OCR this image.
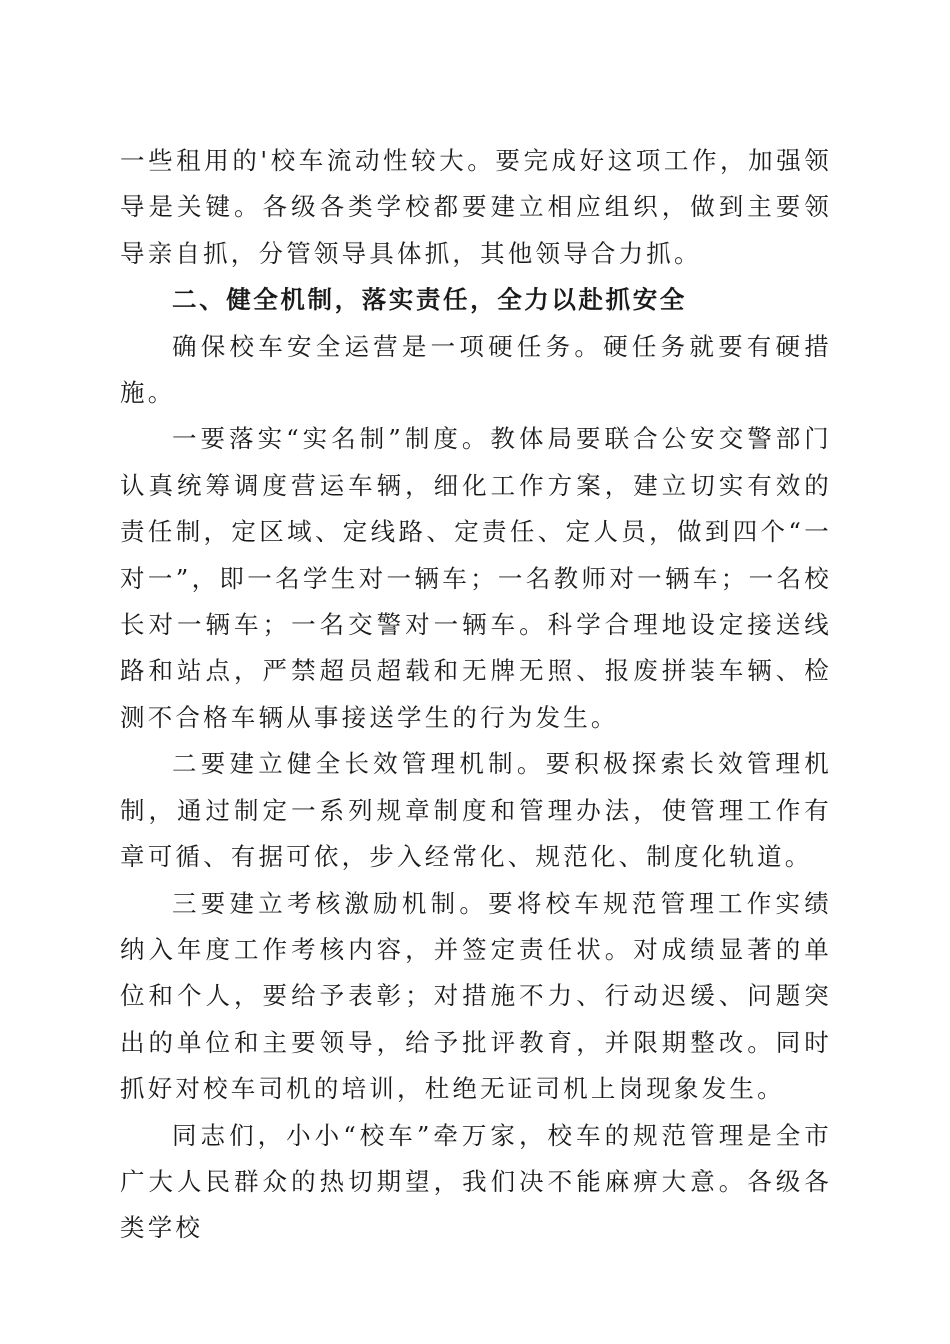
一些租用的'校车流动性较大。要完成好这项工作，加强领导是关键。各级各类学校都要建立相应组织，做到主要领导亲自抓，分管领导具体抓，其他领导合力抓。

二、健全机制，落实责任，全力以赴抓安全

确保校车安全运营是一项硬任务。硬任务就要有硬措施。

一要落实“实名制”制度。教体局要联合公安交警部门认真统筹调度营运车辆，细化工作方案，建立切实有效的责任制，定区域、定线路、定责任、定人员，做到四个“一对一”，即一名学生对一辆车；一名教师对一辆车；一名校长对一辆车；一名交警对一辆车。科学合理地设定接送线路和站点，严禁超员超载和无牌无照、报废拼装车辆、检测不合格车辆从事接送学生的行为发生。

二要建立健全长效管理机制。要积极探索长效管理机制，通过制定一系列规章制度和管理办法，使管理工作有章可循、有据可依，步入经常化、规范化、制度化轨道。

三要建立考核激励机制。要将校车规范管理工作实绩纳入年度工作考核内容，并签定责任状。对成绩显著的单位和个人，要给予表彰；对措施不力、行动迟缓、问题突出的单位和主要领导，给予批评教育，并限期整改。同时抓好对校车司机的培训，杜绝无证司机上岗现象发生。

同志们，小小“校车”牵万家，校车的规范管理是全市广大人民群众的热切期望，我们决不能麻痹大意。各级各类学校
